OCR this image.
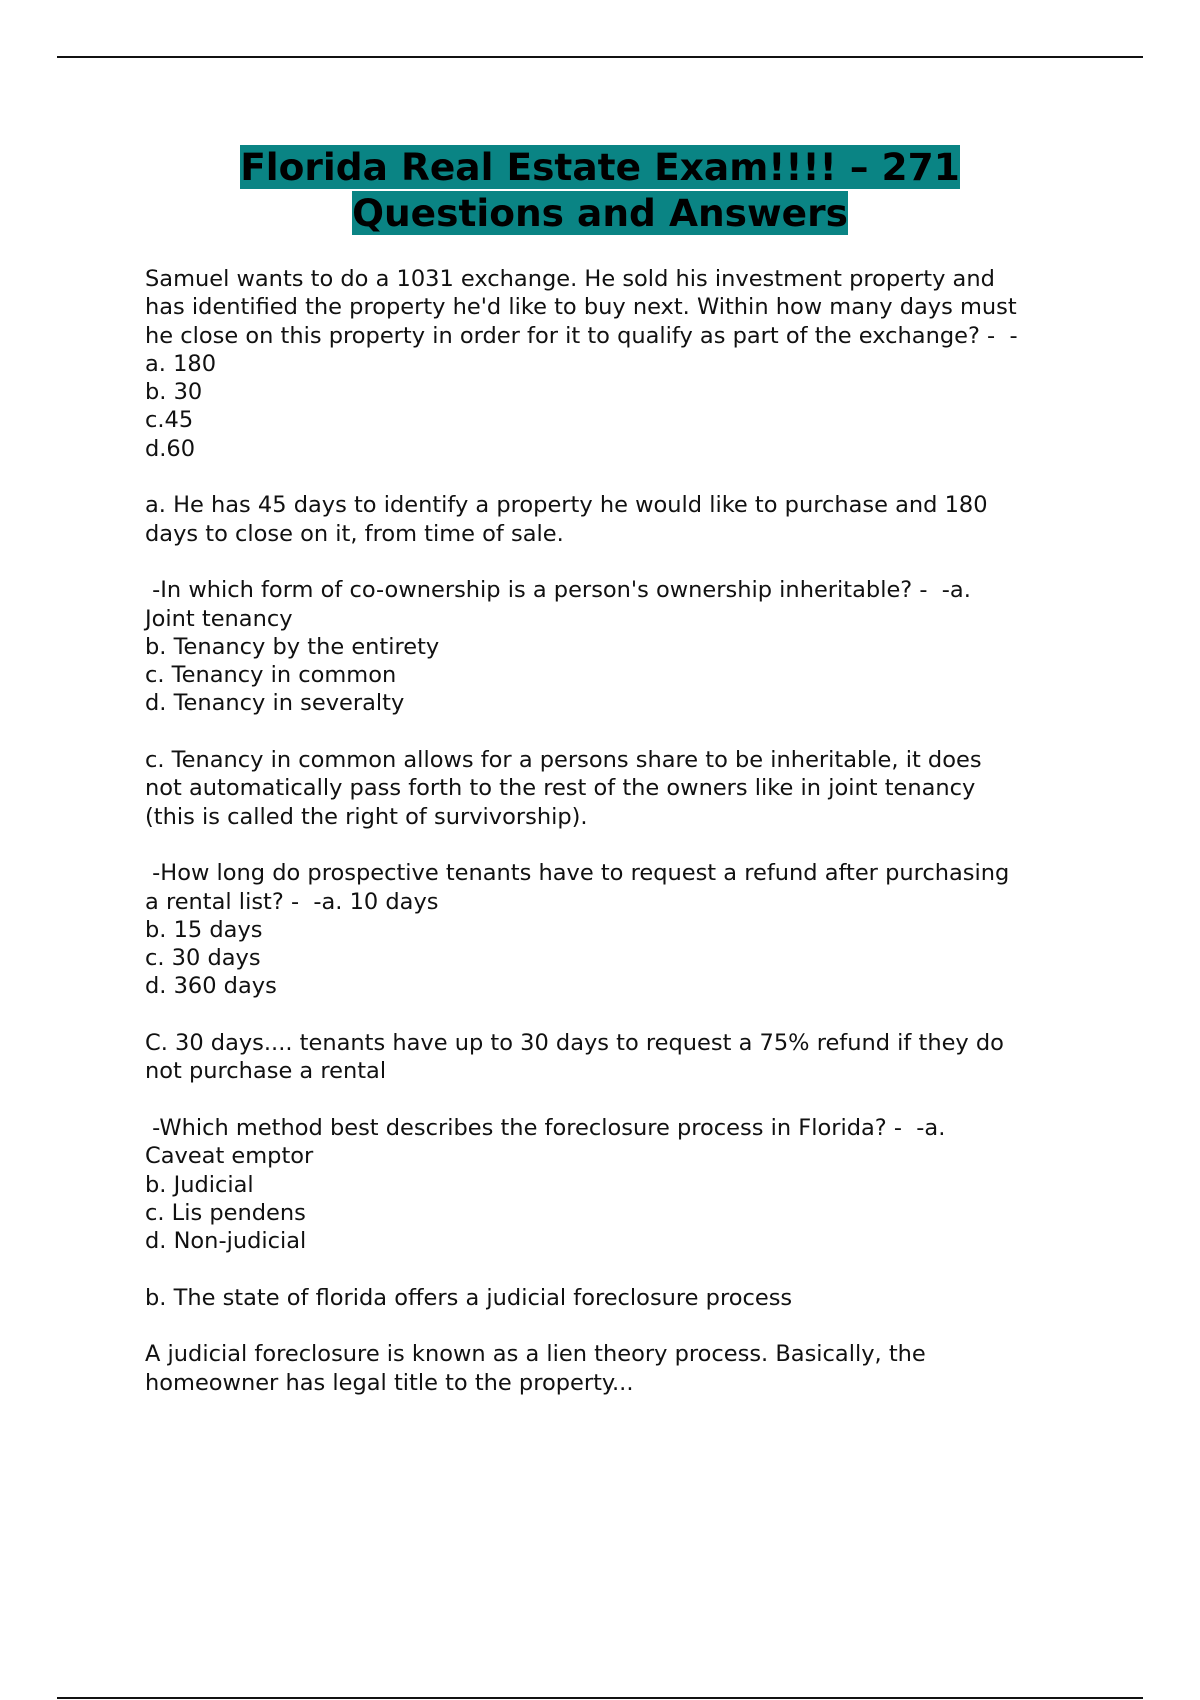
Florida Real Estate Exam!!!! – 271
Questions and Answers
Samuel wants to do a 1031 exchange. He sold his investment property and
has identified the property he'd like to buy next. Within how many days must
he close on this property in order for it to qualify as part of the exchange? -  -
a. 180
b. 30
c.45
d.60
a. He has 45 days to identify a property he would like to purchase and 180
days to close on it, from time of sale.
-In which form of co-ownership is a person's ownership inheritable? -  -a.
Joint tenancy
b. Tenancy by the entirety
c. Tenancy in common
d. Tenancy in severalty
c. Tenancy in common allows for a persons share to be inheritable, it does
not automatically pass forth to the rest of the owners like in joint tenancy
(this is called the right of survivorship).
-How long do prospective tenants have to request a refund after purchasing
a rental list? -  -a. 10 days
b. 15 days
c. 30 days
d. 360 days
C. 30 days.... tenants have up to 30 days to request a 75% refund if they do
not purchase a rental
-Which method best describes the foreclosure process in Florida? -  -a.
Caveat emptor
b. Judicial
c. Lis pendens
d. Non-judicial
b. The state of florida offers a judicial foreclosure process
A judicial foreclosure is known as a lien theory process. Basically, the
homeowner has legal title to the property...
